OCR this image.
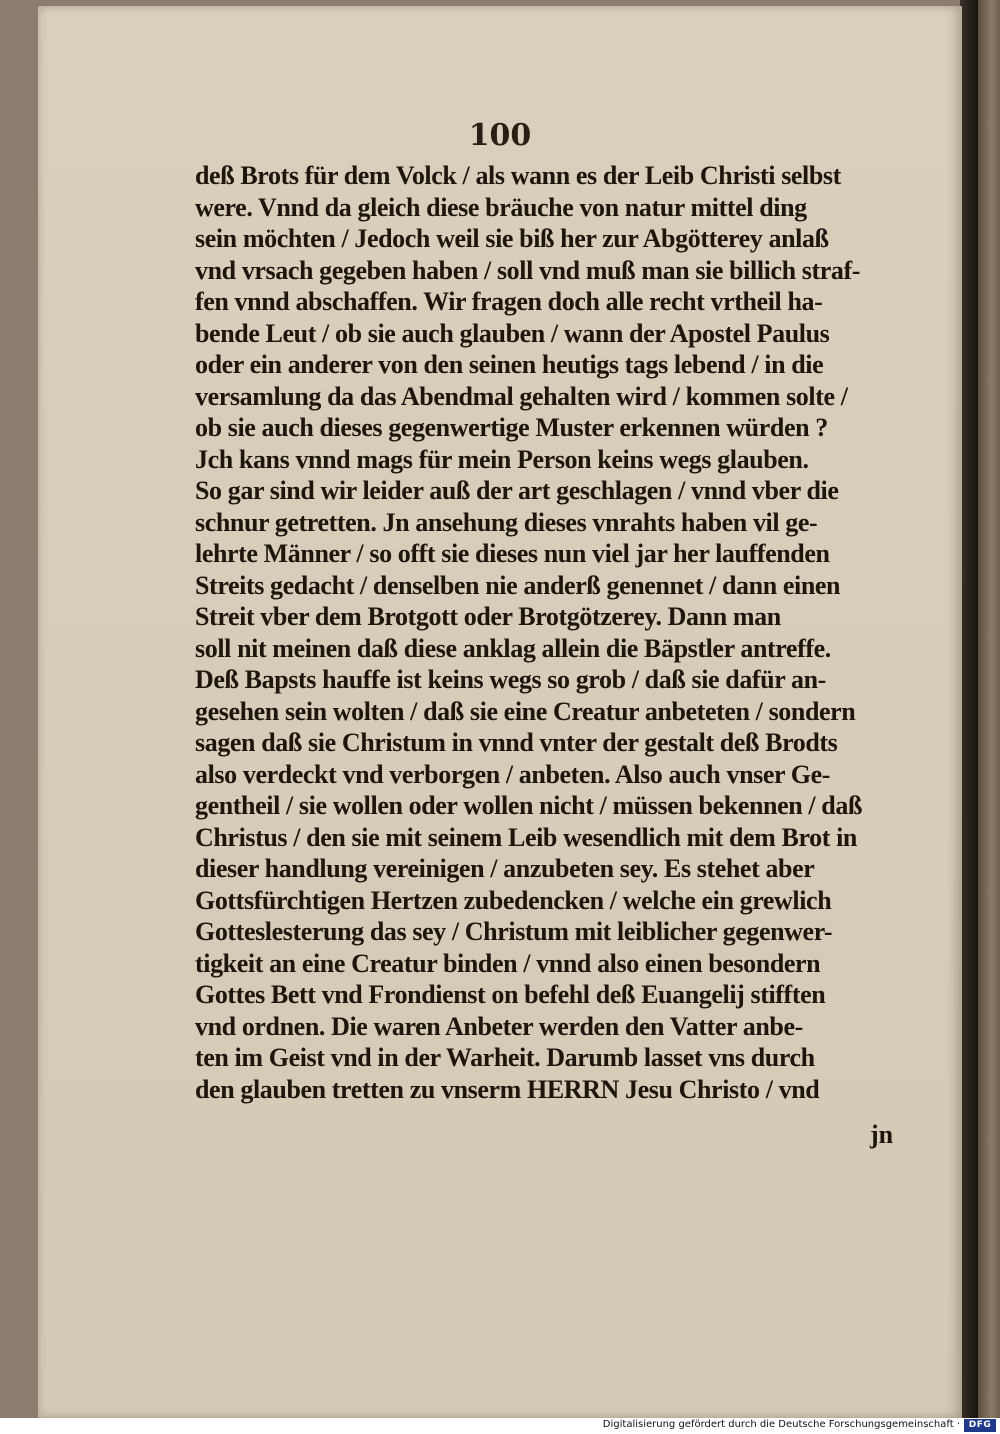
100
deß Brots für dem Volck / als wann es der Leib Christi selbst
were. Vnnd da gleich diese bräuche von natur mittel ding
sein möchten / Jedoch weil sie biß her zur Abgötterey anlaß
vnd vrsach gegeben haben / soll vnd muß man sie billich straf-
fen vnnd abschaffen. Wir fragen doch alle recht vrtheil ha-
bende Leut / ob sie auch glauben / wann der Apostel Paulus
oder ein anderer von den seinen heutigs tags lebend / in die
versamlung da das Abendmal gehalten wird / kommen solte /
ob sie auch dieses gegenwertige Muster erkennen würden ?
Jch kans vnnd mags für mein Person keins wegs glauben.
So gar sind wir leider auß der art geschlagen / vnnd vber die
schnur getretten. Jn ansehung dieses vnrahts haben vil ge-
lehrte Männer / so offt sie dieses nun viel jar her lauffenden
Streits gedacht / denselben nie anderß genennet / dann einen
Streit vber dem Brotgott oder Brotgötzerey. Dann man
soll nit meinen daß diese anklag allein die Bäpstler antreffe.
Deß Bapsts hauffe ist keins wegs so grob / daß sie dafür an-
gesehen sein wolten / daß sie eine Creatur anbeteten / sondern
sagen daß sie Christum in vnnd vnter der gestalt deß Brodts
also verdeckt vnd verborgen / anbeten. Also auch vnser Ge-
gentheil / sie wollen oder wollen nicht / müssen bekennen / daß
Christus / den sie mit seinem Leib wesendlich mit dem Brot in
dieser handlung vereinigen / anzubeten sey. Es stehet aber
Gottsfürchtigen Hertzen zubedencken / welche ein grewlich
Gotteslesterung das sey / Christum mit leiblicher gegenwer-
tigkeit an eine Creatur binden / vnnd also einen besondern
Gottes Bett vnd Frondienst on befehl deß Euangelij stifften
vnd ordnen. Die waren Anbeter werden den Vatter anbe-
ten im Geist vnd in der Warheit. Darumb lasset vns durch
den glauben tretten zu vnserm HERRN Jesu Christo / vnd
jn
Digitalisierung gefördert durch die Deutsche Forschungsgemeinschaft · DFG
